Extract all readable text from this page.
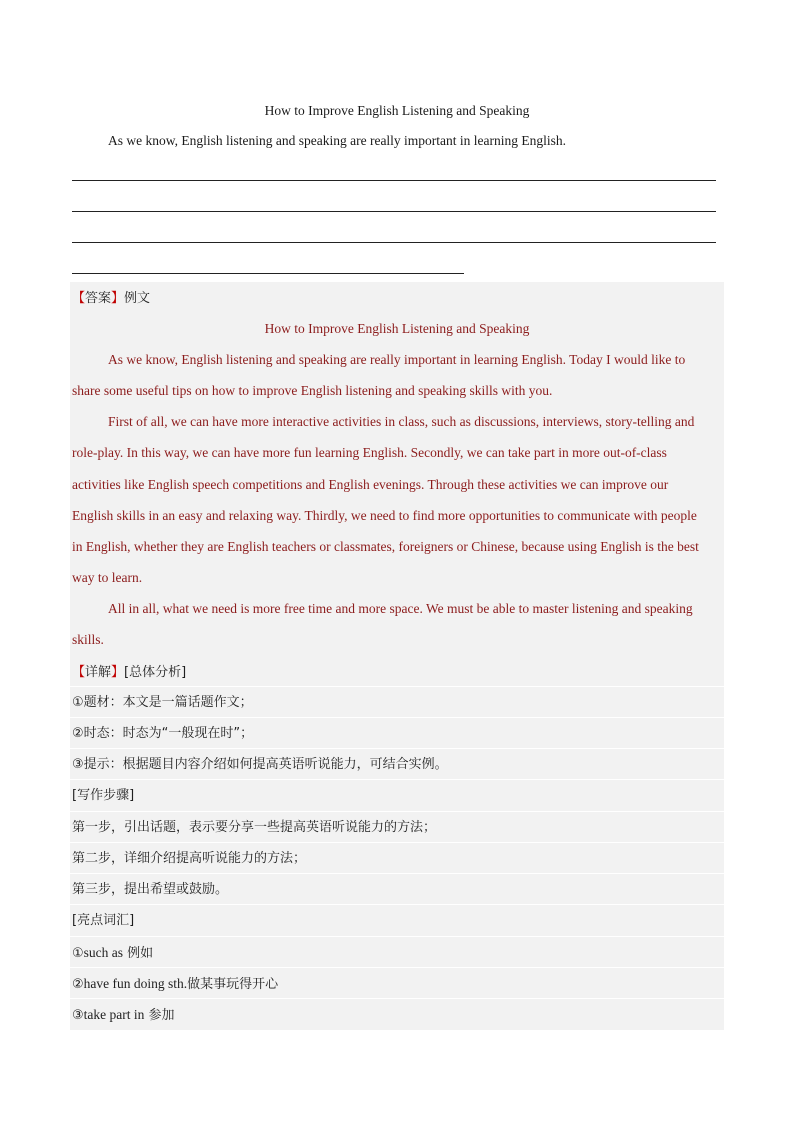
How to Improve English Listening and Speaking
As we know, English listening and speaking are really important in learning English.
【答案】例文
How to Improve English Listening and Speaking
As we know, English listening and speaking are really important in learning English. Today I would like to
share some useful tips on how to improve English listening and speaking skills with you.
First of all, we can have more interactive activities in class, such as discussions, interviews, story-telling and
role-play. In this way, we can have more fun learning English. Secondly, we can take part in more out-of-class
activities like English speech competitions and English evenings. Through these activities we can improve our
English skills in an easy and relaxing way. Thirdly, we need to find more opportunities to communicate with people
in English, whether they are English teachers or classmates, foreigners or Chinese, because using English is the best
way to learn.
All in all, what we need is more free time and more space. We must be able to master listening and speaking
skills.
【详解】[总体分析]
①题材：本文是一篇话题作文；
②时态：时态为“一般现在时”；
③提示：根据题目内容介绍如何提高英语听说能力，可结合实例。
[写作步骤]
第一步，引出话题，表示要分享一些提高英语听说能力的方法；
第二步，详细介绍提高听说能力的方法；
第三步，提出希望或鼓励。
[亮点词汇]
①such as 例如
②have fun doing sth.做某事玩得开心
③take part in 参加
